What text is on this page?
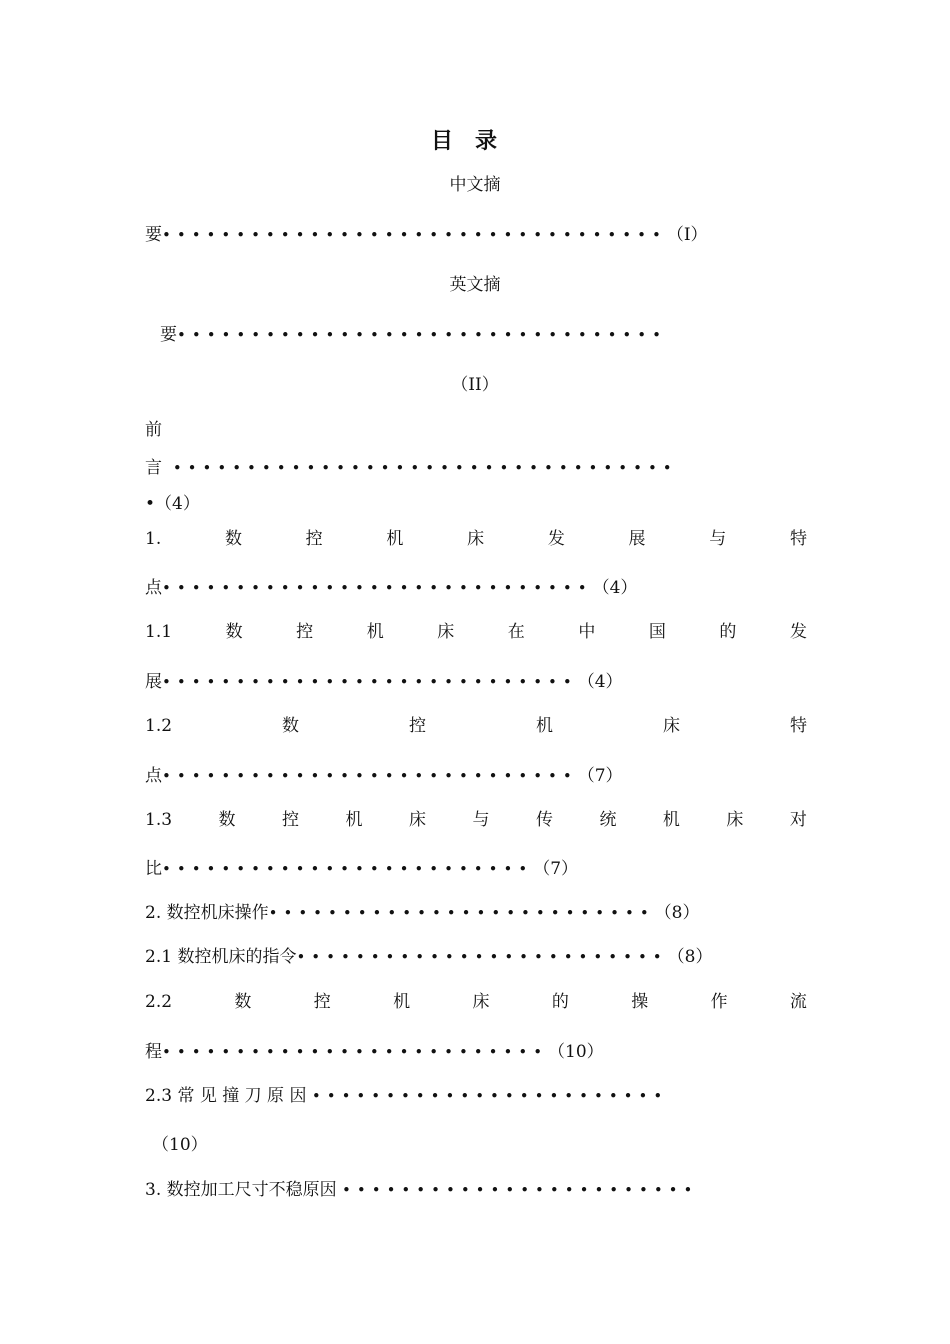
目录
中文摘
要••••••••••••••••••••••••••••••••••（I）
英文摘
要•••••••••••••••••••••••••••••••••
（II）
前
言 ••••••••••••••••••••••••••••••••••
•（4）
1.	数	控	机	床	发	展	与	特
点•••••••••••••••••••••••••••••（4）
1.1	数	控	机	床	在	中	国	的	发
展••••••••••••••••••••••••••••（4）
1.2	数	控	机	床	特
点••••••••••••••••••••••••••••（7）
1.3	数	控	机	床	与	传	统	机	床	对
比•••••••••••••••••••••••••（7）
2. 数控机床操作••••••••••••••••••••••••••（8）
2.1 数控机床的指令•••••••••••••••••••••••••（8）
2.2	数	控	机	床	的	操	作	流
程••••••••••••••••••••••••••（10）
2.3 常 见 撞 刀 原 因 ••••••••••••••••••••••••
（10）
3. 数控加工尺寸不稳原因 ••••••••••••••••••••••••
